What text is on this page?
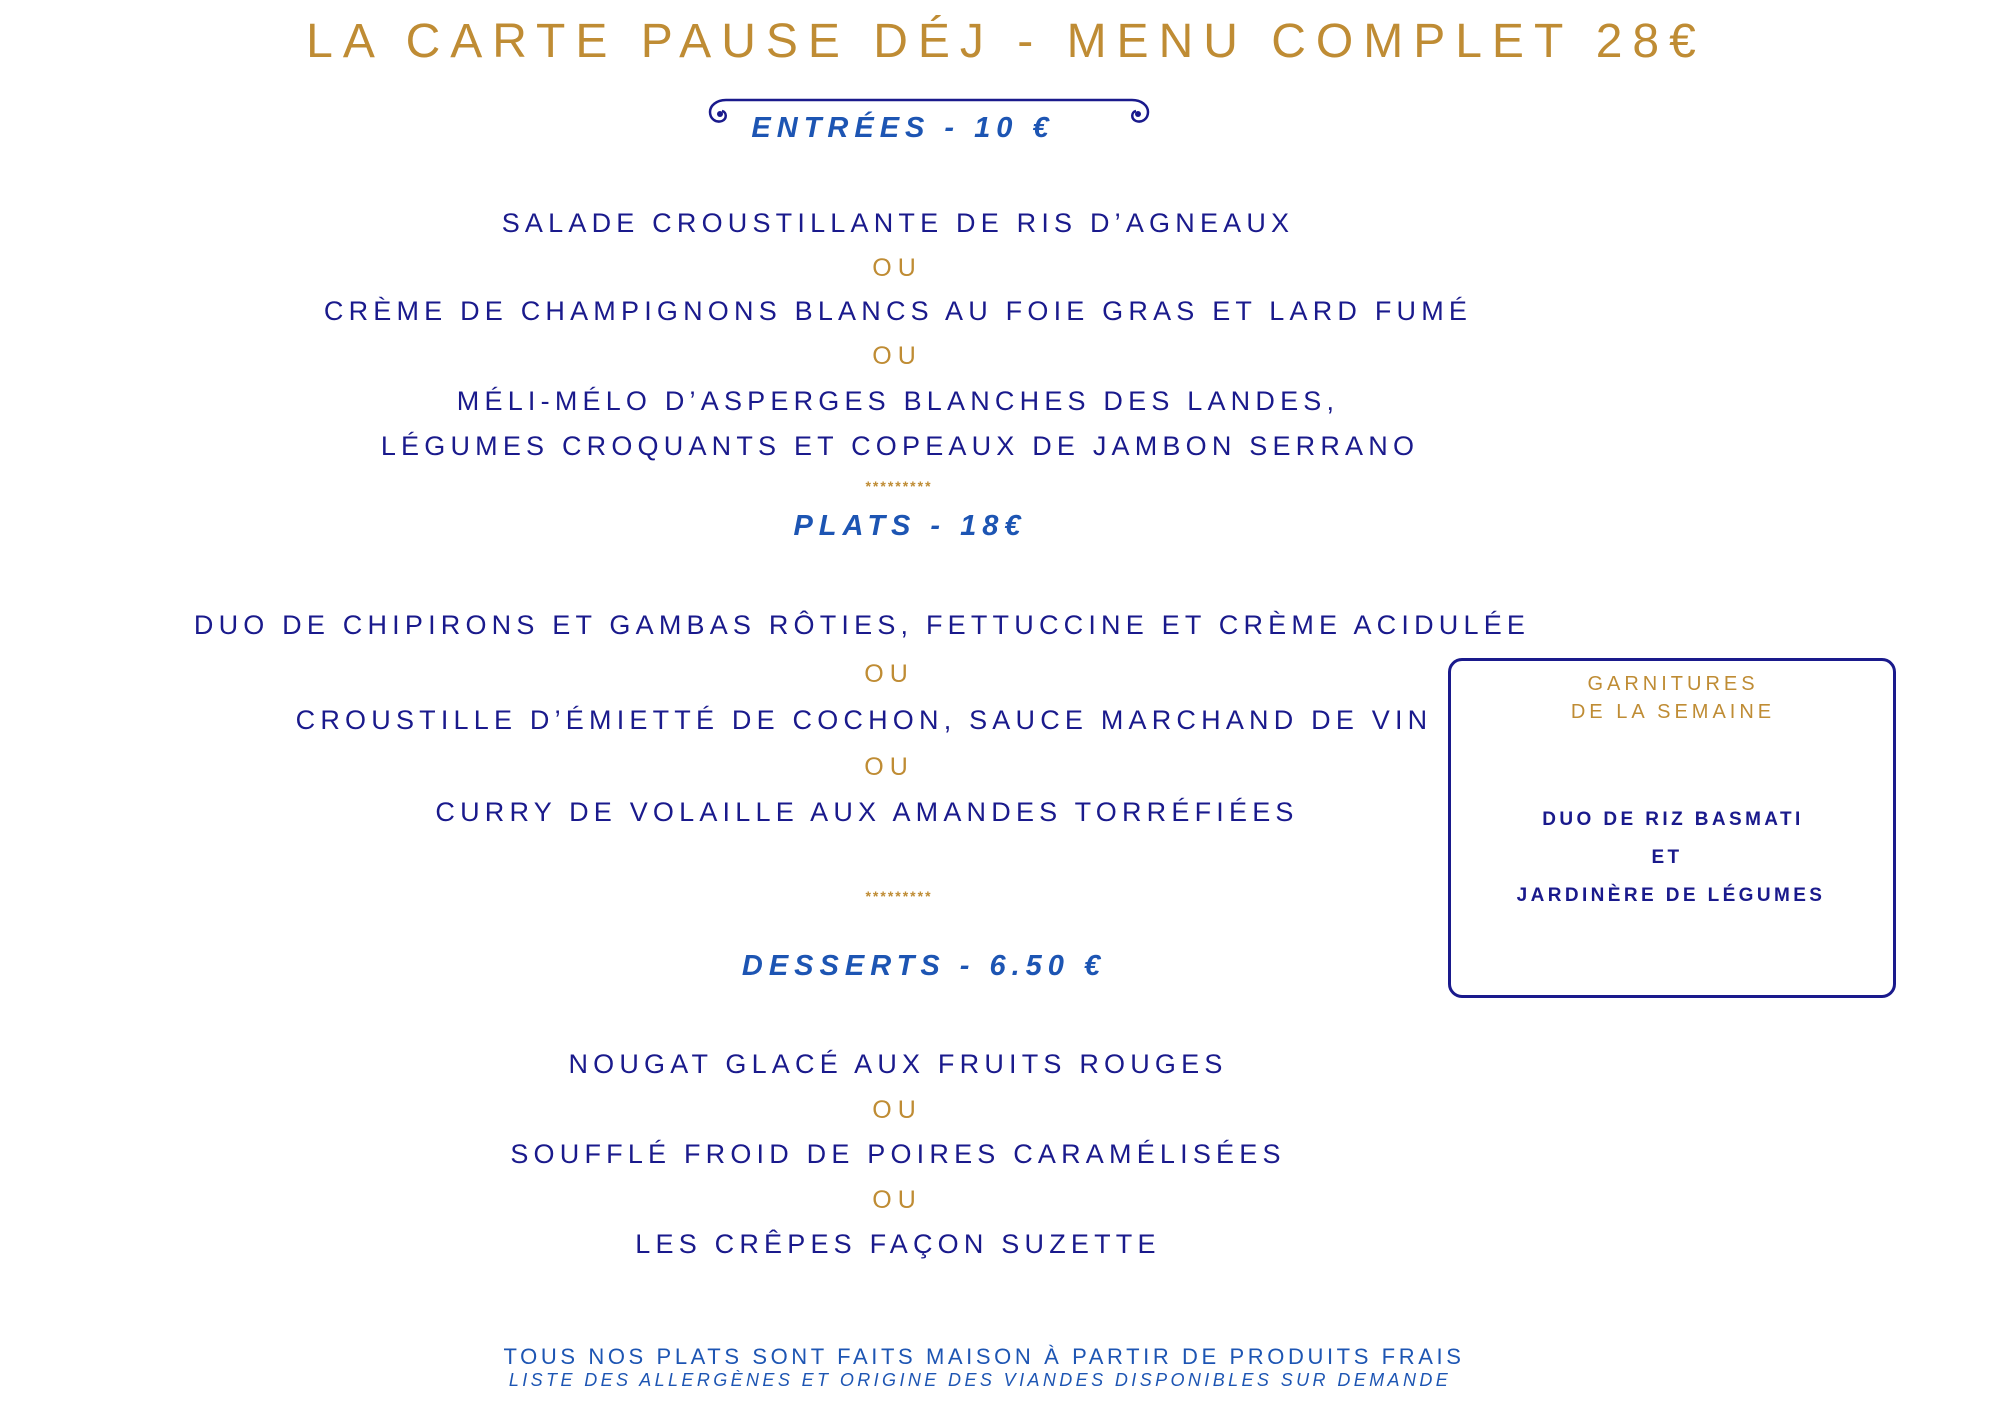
LA CARTE PAUSE DÉJ - MENU COMPLET 28€
ENTRÉES - 10 €
SALADE CROUSTILLANTE DE RIS D’AGNEAUX
OU
CRÈME DE CHAMPIGNONS BLANCS AU FOIE GRAS ET LARD FUMÉ
OU
MÉLI-MÉLO D’ASPERGES BLANCHES DES LANDES,
LÉGUMES CROQUANTS ET COPEAUX DE JAMBON SERRANO
*********
PLATS - 18€
DUO DE CHIPIRONS ET GAMBAS RÔTIES, FETTUCCINE ET CRÈME ACIDULÉE
OU
CROUSTILLE D’ÉMIETTÉ DE COCHON, SAUCE MARCHAND DE VIN
OU
CURRY DE VOLAILLE AUX AMANDES TORRÉFIÉES
*********
DESSERTS - 6.50 €
NOUGAT GLACÉ AUX FRUITS ROUGES
OU
SOUFFLÉ FROID DE POIRES CARAMÉLISÉES
OU
LES CRÊPES FAÇON SUZETTE
GARNITURES
DE LA SEMAINE
DUO DE RIZ BASMATI
ET
JARDINÈRE DE LÉGUMES
TOUS NOS PLATS SONT FAITS MAISON À PARTIR DE PRODUITS FRAIS
LISTE DES ALLERGÈNES ET ORIGINE DES VIANDES DISPONIBLES SUR DEMANDE
